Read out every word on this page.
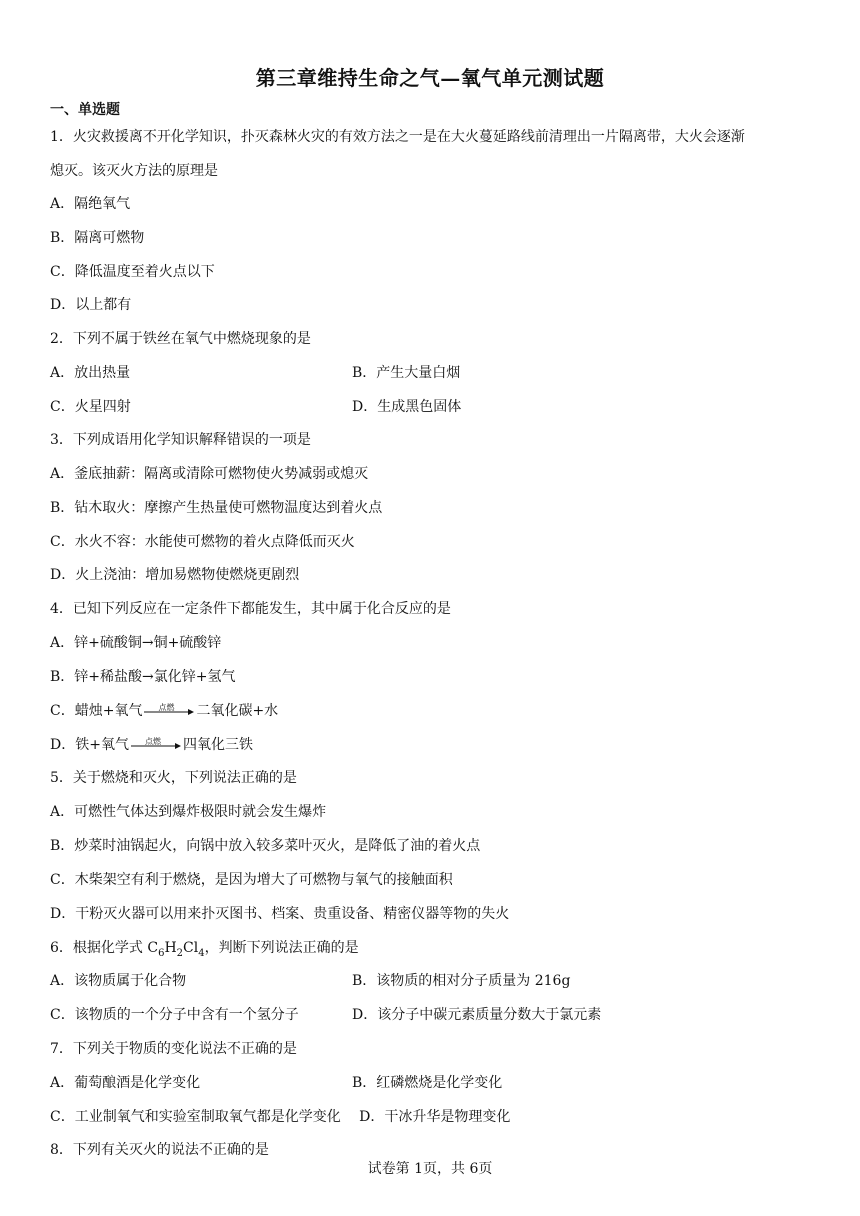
第三章维持生命之气—氧气单元测试题
一、单选题
1．火灾救援离不开化学知识，扑灭森林火灾的有效方法之一是在大火蔓延路线前清理出一片隔离带，大火会逐渐
熄灭。该灭火方法的原理是
A．隔绝氧气
B．隔离可燃物
C．降低温度至着火点以下
D．以上都有
2．下列不属于铁丝在氧气中燃烧现象的是
A．放出热量	B．产生大量白烟
C．火星四射	D．生成黑色固体
3．下列成语用化学知识解释错误的一项是
A．釜底抽薪：隔离或清除可燃物使火势减弱或熄灭
B．钻木取火：摩擦产生热量使可燃物温度达到着火点
C．水火不容：水能使可燃物的着火点降低而灭火
D．火上浇油：增加易燃物使燃烧更剧烈
4．已知下列反应在一定条件下都能发生，其中属于化合反应的是
A．锌+硫酸铜→铜+硫酸锌
B．锌+稀盐酸→氯化锌+氢气
C．蜡烛+氧气	点燃	二氧化碳+水
D．铁+氧气	点燃	四氧化三铁
5．关于燃烧和灭火，下列说法正确的是
A．可燃性气体达到爆炸极限时就会发生爆炸
B．炒菜时油锅起火，向锅中放入较多菜叶灭火，是降低了油的着火点
C．木柴架空有利于燃烧，是因为增大了可燃物与氧气的接触面积
D．干粉灭火器可以用来扑灭图书、档案、贵重设备、精密仪器等物的失火
6．根据化学式 $C_6H_2Cl_4$，判断下列说法正确的是
A．该物质属于化合物	B．该物质的相对分子质量为 216g
C．该物质的一个分子中含有一个氢分子	D．该分子中碳元素质量分数大于氯元素
7．下列关于物质的变化说法不正确的是
A．葡萄酿酒是化学变化	B．红磷燃烧是化学变化
C．工业制氧气和实验室制取氧气都是化学变化　 D．干冰升华是物理变化
8．下列有关灭火的说法不正确的是
试卷第 1页，共 6页
